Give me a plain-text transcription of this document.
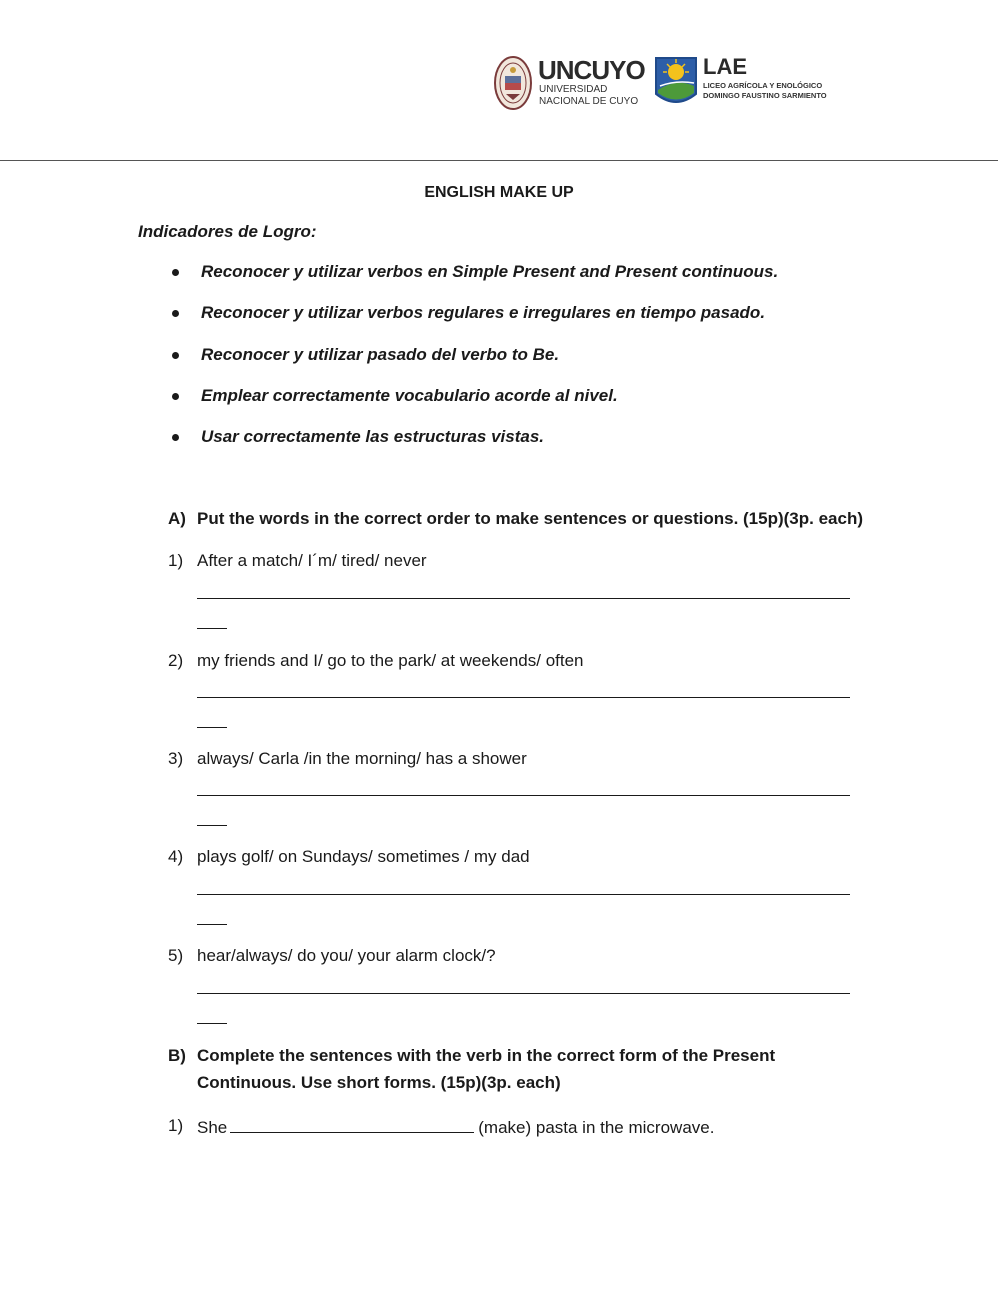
UNCUYO
UNIVERSIDAD
NACIONAL DE CUYO
LAE
LICEO AGRÍCOLA Y ENOLÓGICO
DOMINGO FAUSTINO SARMIENTO
ENGLISH MAKE UP
Indicadores de Logro:
Reconocer y utilizar verbos en Simple Present and Present continuous.
Reconocer y utilizar verbos regulares e irregulares en tiempo pasado.
Reconocer y utilizar pasado del verbo to Be.
Emplear correctamente vocabulario acorde al nivel.
Usar correctamente las estructuras vistas.
A) Put the words in the correct order to make sentences or questions. (15p)(3p. each)
1) After a match/ I´m/ tired/ never
2) my friends and I/ go to the park/ at weekends/ often
3) always/ Carla /in the morning/ has a shower
4) plays golf/ on Sundays/ sometimes / my dad
5) hear/always/ do you/ your alarm clock/?
B) Complete the sentences with the verb in the correct form of the Present
Continuous. Use short forms. (15p)(3p. each)
1) She	(make) pasta in the microwave.
